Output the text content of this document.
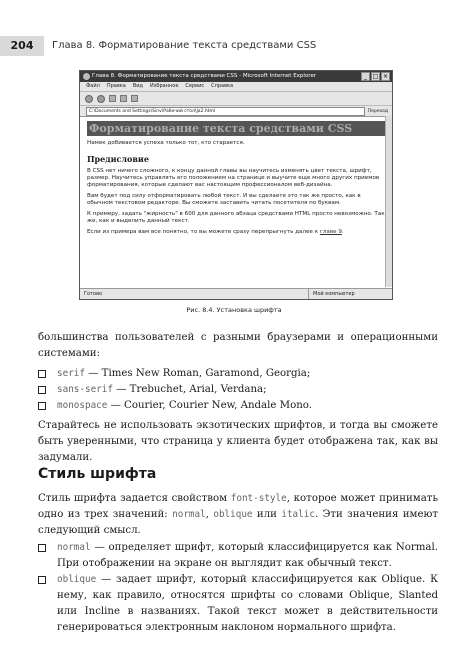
204	Глава 8. Форматирование текста средствами CSS
Глава 8. Форматирование текста средствами CSS - Microsoft Internet Explorer	_ □ ×
Файл Правка Вид Избранное Сервис Справка
C:\Documents and Settings\Sinv\Рабочий стол\Ja2.html	Переход
Форматирование текста средствами CSS
Намек добивается успеха только тот, кто старается.
Предисловие
В CSS нет ничего сложного, к концу данной главы вы научитесь изменять цвет текста, шрифт, размер. Научитесь управлять его положением на странице и выучите еще много других приемов форматирования, которые сделают вас настоящим профессионалом веб-дизайна.
Вам будет под силу отформатировать любой текст. И вы сделаете это так же просто, как в обычном текстовом редакторе. Вы сможете заставить читать посетителя по буквам.
К примеру, задать "жирность" в 600 для данного абзаца средствами HTML просто невозможно. Так же, как и выделить данный текст.
Если из примера вам все понятно, то вы можете сразу перепрыгнуть далее к главе 9.
Готово	Мой компьютер
Рис. 8.4. Установка шрифта
большинства пользователей с разными браузерами и операционными системами:
serif — Times New Roman, Garamond, Georgia;
sans-serif — Trebuchet, Arial, Verdana;
monospace — Courier, Courier New, Andale Mono.
Старайтесь не использовать экзотических шрифтов, и тогда вы сможете быть уверенными, что страница у клиента будет отображена так, как вы задумали.
Стиль шрифта
Стиль шрифта задается свойством font-style, которое может принимать одно из трех значений: normal, oblique или italic. Эти значения имеют следующий смысл.
normal — определяет шрифт, который классифицируется как Normal. При отображении на экране он выглядит как обычный текст.
oblique — задает шрифт, который классифицируется как Oblique. К нему, как правило, относятся шрифты со словами Oblique, Slanted или Incline в названиях. Такой текст может в действительности генерироваться электронным наклоном нормального шрифта.
